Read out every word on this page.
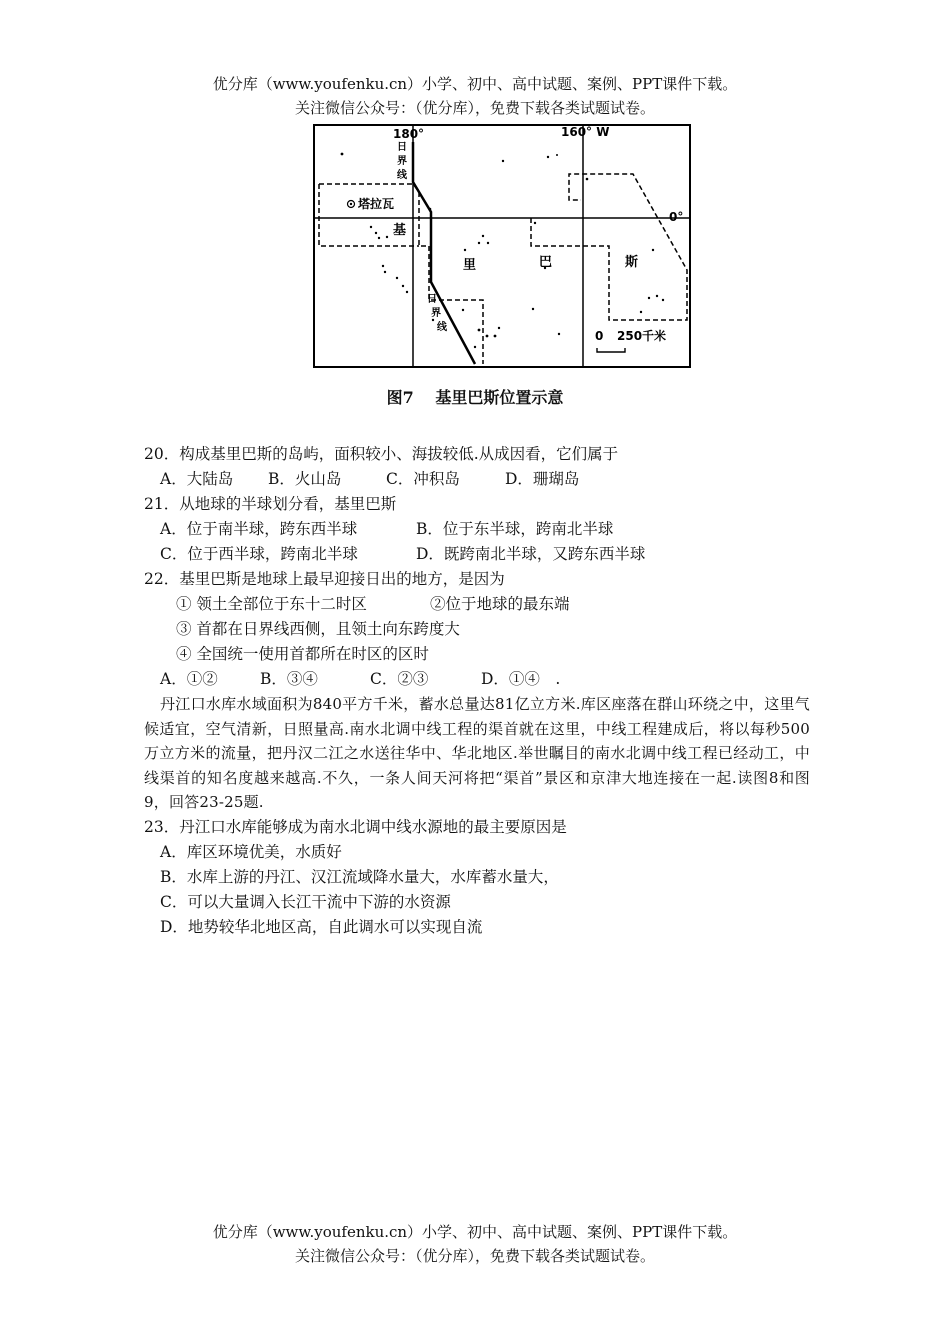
优分库（www.youfenku.cn）小学、初中、高中试题、案例、PPT课件下载。
关注微信公众号：（优分库），免费下载各类试题试卷。
180°	160° W
0°
日
界
线
日
界
线
塔拉瓦
基
里	巴	斯
0 250千米
图7　 基里巴斯位置示意
20．构成基里巴斯的岛屿，面积较小、海拔较低.从成因看，它们属于
A．大陆岛 B．火山岛	C．冲积岛	D．珊瑚岛
21．从地球的半球划分看，基里巴斯
A．位于南半球，跨东西半球	B．位于东半球，跨南北半球
C．位于西半球，跨南北半球	D．既跨南北半球，又跨东西半球
22．基里巴斯是地球上最早迎接日出的地方，是因为
① 领土全部位于东十二时区	②位于地球的最东端
③ 首都在日界线西侧，且领土向东跨度大
④ 全国统一使用首都所在时区的区时
A．①②	B．③④	C．②③	D．①④　.
丹江口水库水域面积为840平方千米，蓄水总量达81亿立方米.库区座落在群山环绕之中，这里气候适宜，空气清新，日照量高.南水北调中线工程的渠首就在这里，中线工程建成后，将以每秒500万立方米的流量，把丹汉二江之水送往华中、华北地区.举世瞩目的南水北调中线工程已经动工，中线渠首的知名度越来越高.不久，一条人间天河将把“渠首”景区和京津大地连接在一起.读图8和图9，回答23-25题.
23．丹江口水库能够成为南水北调中线水源地的最主要原因是
A．库区环境优美，水质好
B．水库上游的丹江、汉江流域降水量大，水库蓄水量大，
C．可以大量调入长江干流中下游的水资源
D．地势较华北地区高，自此调水可以实现自流
优分库（www.youfenku.cn）小学、初中、高中试题、案例、PPT课件下载。
关注微信公众号：（优分库），免费下载各类试题试卷。
